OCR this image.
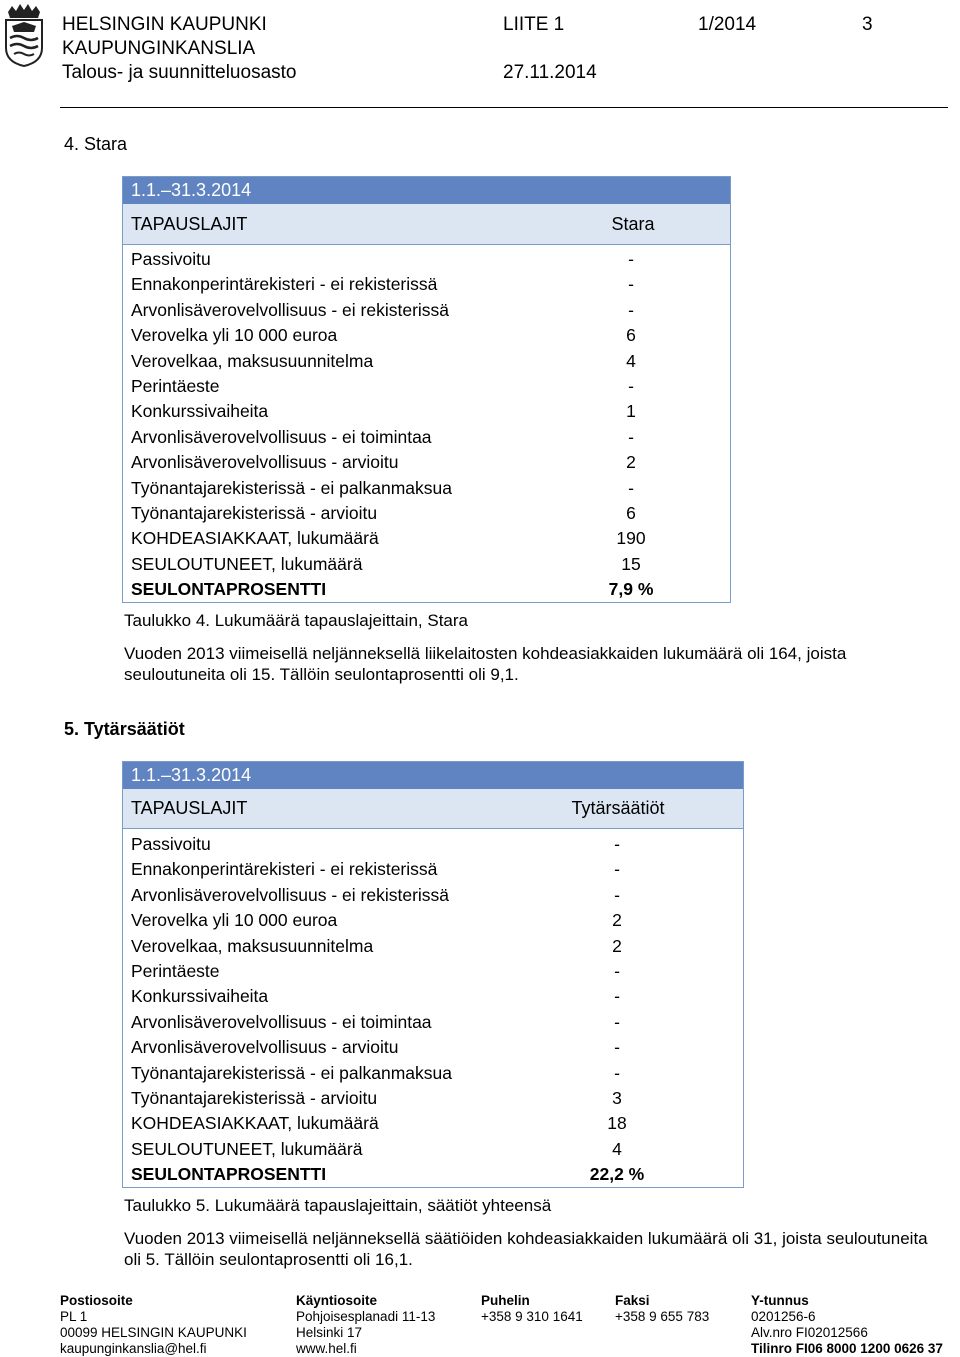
HELSINGIN KAUPUNKI
KAUPUNGINKANSLIA
Talous- ja suunnitteluosasto
LIITE 1	1/2014	3
27.11.2014
4. Stara
1.1.–31.3.2014
TAPAUSLAJIT	Stara
Passivoitu	-
Ennakonperintärekisteri - ei rekisterissä	-
Arvonlisäverovelvollisuus - ei rekisterissä	-
Verovelka yli 10 000 euroa	6
Verovelkaa, maksusuunnitelma	4
Perintäeste	-
Konkurssivaiheita	1
Arvonlisäverovelvollisuus - ei toimintaa	-
Arvonlisäverovelvollisuus - arvioitu	2
Työnantajarekisterissä - ei palkanmaksua	-
Työnantajarekisterissä - arvioitu	6
KOHDEASIAKKAAT, lukumäärä	190
SEULOUTUNEET, lukumäärä	15
SEULONTAPROSENTTI	7,9 %
Taulukko 4. Lukumäärä tapauslajeittain, Stara
Vuoden 2013 viimeisellä neljänneksellä liikelaitosten kohdeasiakkaiden lukumäärä oli 164, joista seuloutuneita oli 15. Tällöin seulontaprosentti oli 9,1.
5. Tytärsäätiöt
1.1.–31.3.2014
TAPAUSLAJIT	Tytärsäätiöt
Passivoitu	-
Ennakonperintärekisteri - ei rekisterissä	-
Arvonlisäverovelvollisuus - ei rekisterissä	-
Verovelka yli 10 000 euroa	2
Verovelkaa, maksusuunnitelma	2
Perintäeste	-
Konkurssivaiheita	-
Arvonlisäverovelvollisuus - ei toimintaa	-
Arvonlisäverovelvollisuus - arvioitu	-
Työnantajarekisterissä - ei palkanmaksua	-
Työnantajarekisterissä - arvioitu	3
KOHDEASIAKKAAT, lukumäärä	18
SEULOUTUNEET, lukumäärä	4
SEULONTAPROSENTTI	22,2 %
Taulukko 5. Lukumäärä tapauslajeittain, säätiöt yhteensä
Vuoden 2013 viimeisellä neljänneksellä säätiöiden kohdeasiakkaiden lukumäärä oli 31, joista seuloutuneita oli 5. Tällöin seulontaprosentti oli 16,1.
Postiosoite
PL 1
00099 HELSINGIN KAUPUNKI
kaupunginkanslia@hel.fi
Käyntiosoite
Pohjoisesplanadi 11-13
Helsinki 17
www.hel.fi
Puhelin
+358 9 310 1641
Faksi
+358 9 655 783
Y-tunnus
0201256-6
Alv.nro FI02012566
Tilinro FI06 8000 1200 0626 37
